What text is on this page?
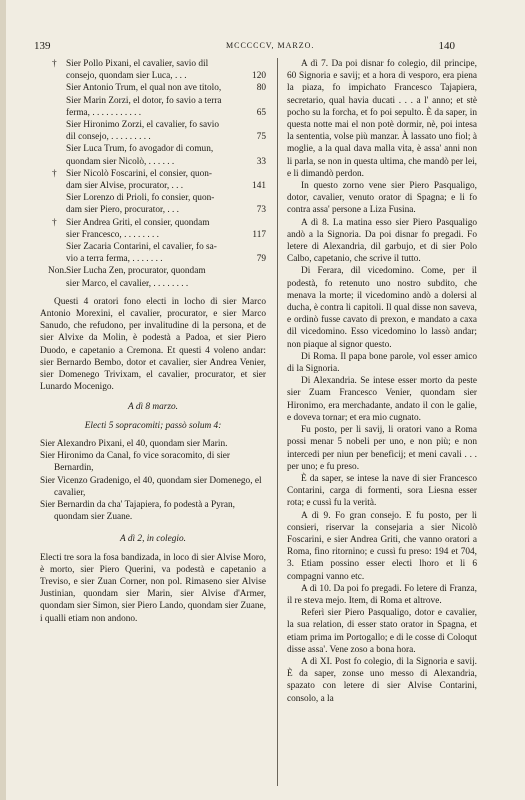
139	MCCCCCV, MARZO.	140
† Sier Pollo Pixani, el cavalier, savio dil
consejo, quondam sier Luca, . . .	120
Sier Antonio Trum, el qual non ave titolo,	80
Sier Marin Zorzi, el dotor, fo savio a terra
ferma, . . . . . . . . . . .	65
Sier Hironimo Zorzi, el cavalier, fo savio
dil consejo, . . . . . . . . .	75
Sier Luca Trum, fo avogador di comun,
quondam sier Nicolò, . . . . . .	33
† Sier Nicolò Foscarini, el consier, quon-
dam sier Alvise, procurator, . . .	141
Sier Lorenzo di Prioli, fo consier, quon-
dam sier Piero, procurator, . . .	73
† Sier Andrea Griti, el consier, quondam
sier Francesco, . . . . . . . .	117
Sier Zacaria Contarini, el cavalier, fo sa-
vio a terra ferma, . . . . . . .	79
Non.Sier Lucha Zen, procurator, quondam
sier Marco, el cavalier, . . . . . . . .

Questi 4 oratori fono electi in locho di sier Marco Antonio Morexini, el cavalier, procurator, e sier Marco Sanudo, che refudono, per invalitudine di la persona, et de sier Alvixe da Molin, è podestà a Padoa, et sier Piero Duodo, e capetanio a Cremona. Et questi 4 voleno andar: sier Bernardo Bembo, dotor et cavalier, sier Andrea Venier, sier Domenego Trivixam, el cavalier, procurator, et sier Lunardo Mocenigo.

A dì 8 marzo.
Electi 5 sopracomiti; passò solum 4:

Sier Alexandro Pixani, el 40, quondam sier Marin.

Sier Hironimo da Canal, fo vice soracomito, di sier Bernardin,

Sier Vicenzo Gradenigo, el 40, quondam sier Domenego, el cavalier,

Sier Bernardin da cha' Tajapiera, fo podestà a Pyran, quondam sier Zuane.

A dì 2, in colegio.

Electi tre sora la fosa bandizada, in loco di sier Alvise Moro, è morto, sier Piero Querini, va podestà e capetanio a Treviso, e sier Zuan Corner, non pol. Rimaseno sier Alvise Justinian, quondam sier Marin, sier Alvise d'Armer, quondam sier Simon, sier Piero Lando, quondam sier Zuane, i qualli etiam non andono.

A dì 7. Da poi disnar fo colegio, dil principe, 60 Signoria e savij; et a hora di vesporo, era piena la piaza, fo impichato Francesco Tajapiera, secretario, qual havia ducati . . . a l' anno; et stè pocho su la forcha, et fo poi sepulto. È da saper, in questa notte mai el non potè dormir, nè, poi intesa la sententia, volse più manzar. À lassato uno fiol; à moglie, a la qual dava malla vita, è assa' anni non li parla, se non in questa ultima, che mandò per lei, e li dimandò perdon.

In questo zorno vene sier Piero Pasqualigo, dotor, cavalier, venuto orator di Spagna; e li fo contra assa' persone a Liza Fusina.

A dì 8. La matina esso sier Piero Pasqualigo andò a la Signoria. Da poi disnar fo pregadi. Fo letere di Alexandria, dil garbujo, et di sier Polo Calbo, capetanio, che scrive il tutto.

Di Ferara, dil vicedomino. Come, per il podestà, fo retenuto uno nostro subdito, che menava la morte; il vicedomino andò a dolersi al ducha, è contra li capitoli. Il qual disse non saveva, e ordinò fusse cavato di prexon, e mandato a caxa dil vicedomino. Esso vicedomino lo lassò andar; non piaque al signor questo.

Di Roma. Il papa bone parole, vol esser amico di la Signoria.

Di Alexandria. Se intese esser morto da peste sier Zuam Francesco Venier, quondam sier Hironimo, era merchadante, andato il con le galie, e doveva tornar; et era mio cugnato.

Fu posto, per li savij, li oratori vano a Roma possi menar 5 nobeli per uno, e non più; e non intercedi per niun per beneficij; et meni cavali . . . per uno; e fu preso.

È da saper, se intese la nave di sier Francesco Contarini, carga di formenti, sora Liesna esser rota; e cussì fu la verità.

A dì 9. Fo gran consejo. E fu posto, per li consieri, riservar la consejaria a sier Nicolò Foscarini, e sier Andrea Griti, che vanno oratori a Roma, fino ritornino; e cussì fu preso: 194 et 704, 3. Etiam possino esser electi lhoro et li 6 compagni vanno etc.

A dì 10. Da poi fo pregadi. Fo letere di Franza, il re steva mejo. Item, di Roma et altrove.

Referì sier Piero Pasqualigo, dotor e cavalier, la sua relation, di esser stato orator in Spagna, et etiam prima im Portogallo; e di le cosse di Coloqut disse assa'. Vene zoso a bona hora.

A dì XI. Post fo colegio, di la Signoria e savij. È da saper, zonse uno messo di Alexandria, spazato con letere di sier Alvise Contarini, consolo, a la
